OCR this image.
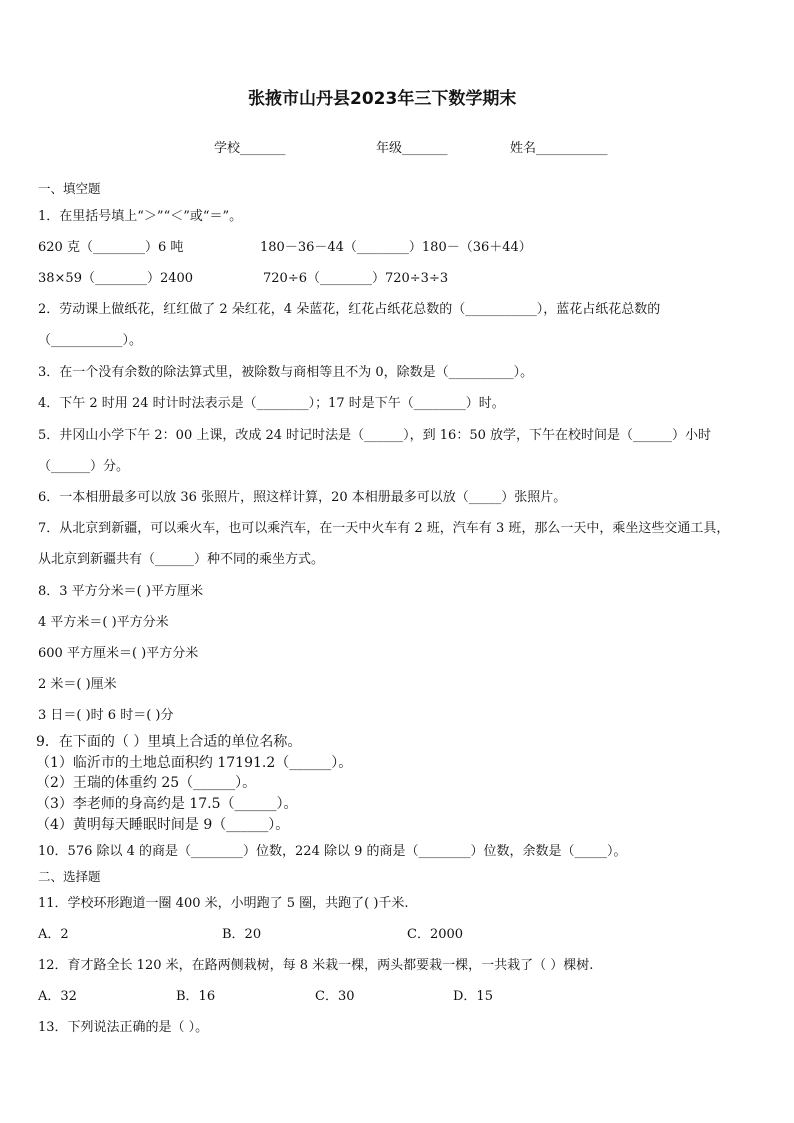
张掖市山丹县2023年三下数学期末
学校_______	年级_______	姓名___________
一、填空题
1．在里括号填上“＞”“＜”或“＝”。
620 克（________）6 吨	180－36－44（________）180－（36＋44）
38×59（________）2400	720÷6（________）720÷3÷3
2．劳动课上做纸花，红红做了 2 朵红花，4 朵蓝花，红花占纸花总数的（___________），蓝花占纸花总数的
（___________）。
3．在一个没有余数的除法算式里，被除数与商相等且不为 0，除数是（__________）。
4．下午 2 时用 24 时计时法表示是（________）；17 时是下午（________）时。
5．井冈山小学下午 2：00 上课，改成 24 时记时法是（______），到 16：50 放学，下午在校时间是（______）小时
（______）分。
6．一本相册最多可以放 36 张照片，照这样计算，20 本相册最多可以放（_____）张照片。
7．从北京到新疆，可以乘火车，也可以乘汽车，在一天中火车有 2 班，汽车有 3 班，那么一天中，乘坐这些交通工具，
从北京到新疆共有（______）种不同的乘坐方式。
8．3 平方分米＝( )平方厘米
4 平方米＝( )平方分米
600 平方厘米＝( )平方分米
2 米＝( )厘米
3 日＝( )时 6 时＝( )分
9．在下面的（ ）里填上合适的单位名称。
（1）临沂市的土地总面积约 17191.2（______）。
（2）王瑞的体重约 25（______）。
（3）李老师的身高约是 17.5（______）。
（4）黄明每天睡眠时间是 9（______）。
10．576 除以 4 的商是（________）位数，224 除以 9 的商是（________）位数，余数是（_____）。
二、选择题
11．学校环形跑道一圈 400 米，小明跑了 5 圈，共跑了( )千米.
A．2	B．20	C．2000
12．育才路全长 120 米，在路两侧栽树，每 8 米栽一棵，两头都要栽一棵，一共栽了（ ）棵树.
A．32	B．16	C．30	D．15
13．下列说法正确的是（ ）。
